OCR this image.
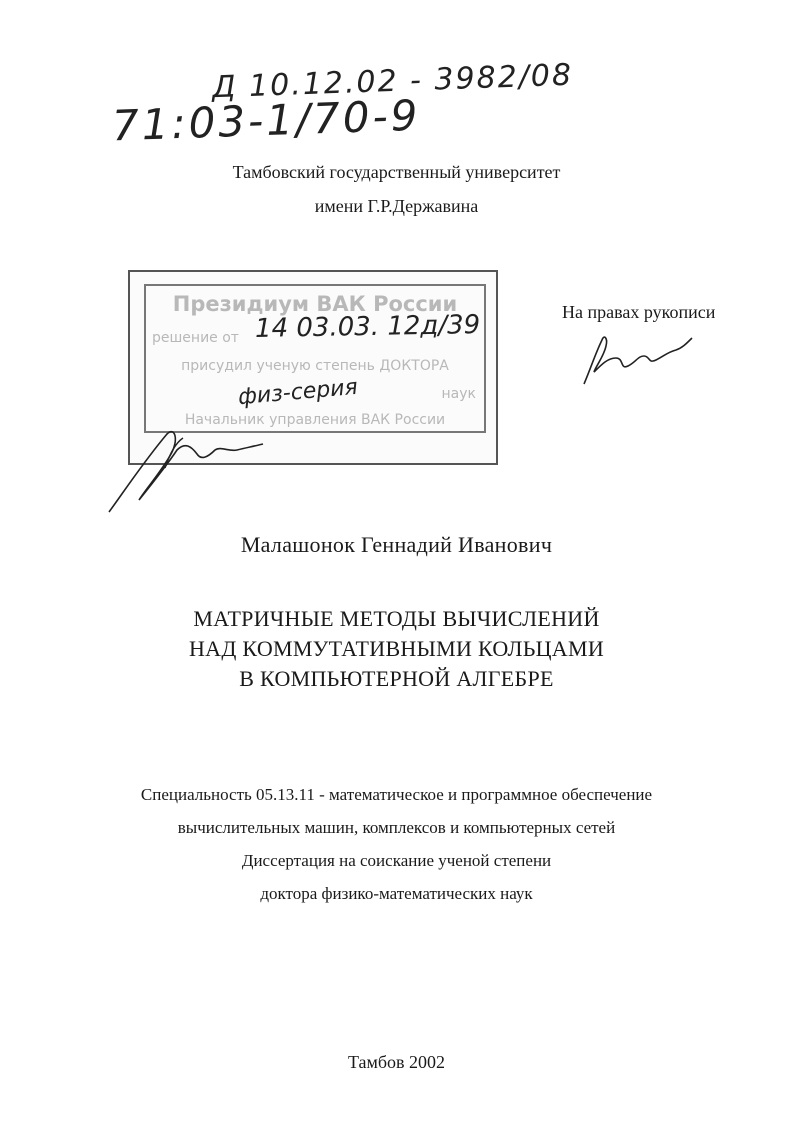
Д 10.12.02 - 3982/08
71:03-1/70-9
Тамбовский государственный университет
имени Г.Р.Державина
Президиум ВАК России
решение от
присудил ученую степень ДОКТОРА
наук
Начальник управления ВАК России
14 03.03. 12д/39
физ-серия
На правах рукописи
Малашонок Геннадий Иванович
МАТРИЧНЫЕ МЕТОДЫ ВЫЧИСЛЕНИЙ
НАД КОММУТАТИВНЫМИ КОЛЬЦАМИ
В КОМПЬЮТЕРНОЙ АЛГЕБРЕ
Специальность 05.13.11 - математическое и программное обеспечение
вычислительных машин, комплексов и компьютерных сетей
Диссертация на соискание ученой степени
доктора физико-математических наук
Тамбов 2002
